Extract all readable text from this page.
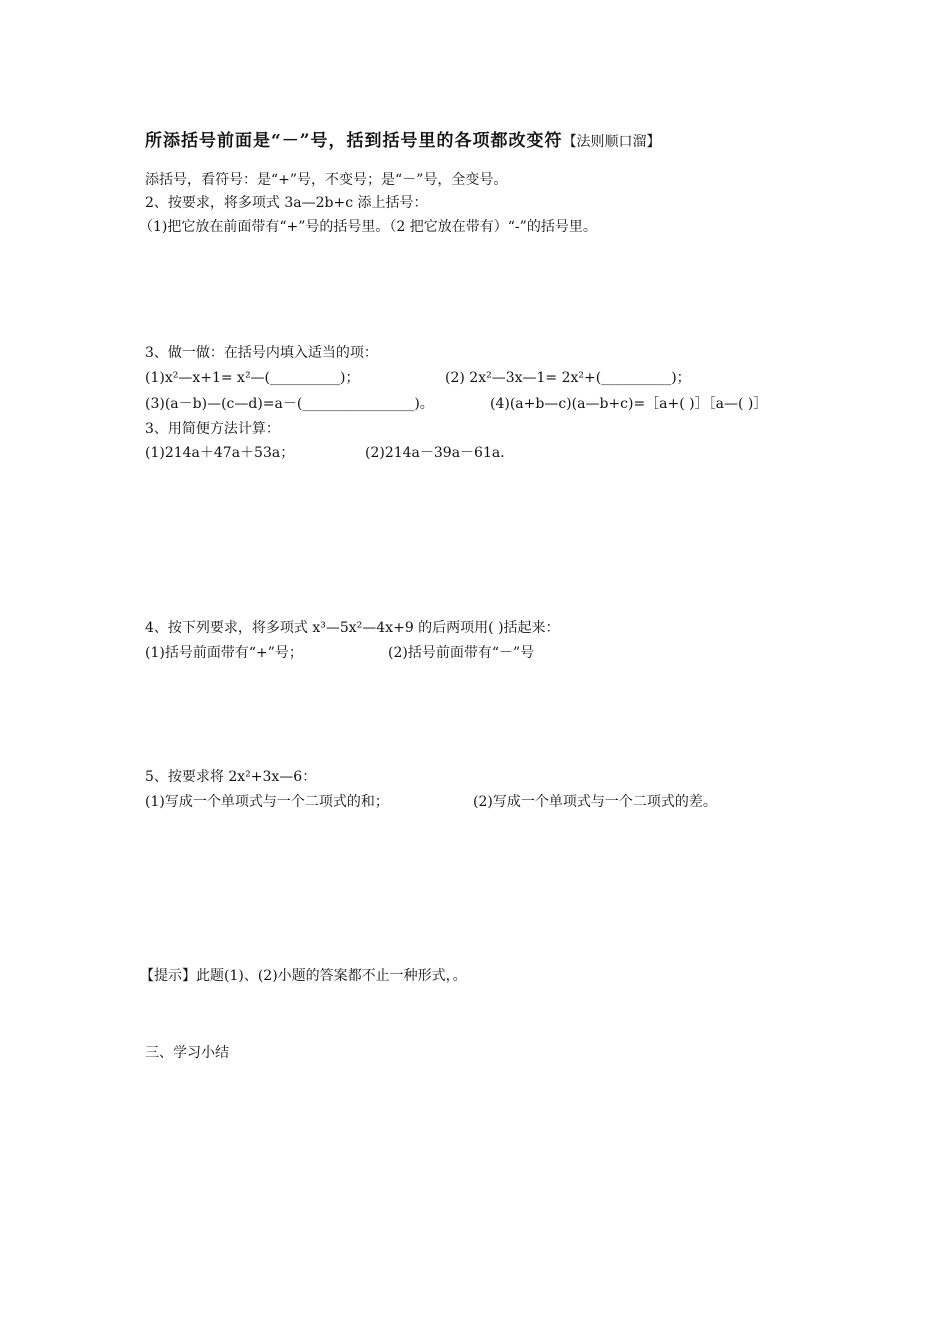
所添括号前面是“－”号，括到括号里的各项都改变符【法则顺口溜】
添括号，看符号：是“+”号，不变号；是“－”号，全变号。
2、按要求，将多项式 3a—2b+c 添上括号：
（1)把它放在前面带有“+”号的括号里。（2 把它放在带有）“-”的括号里。
3、做一做：在括号内填入适当的项：
(1)x²—x+1= x²—(__________)；	(2) 2x²—3x—1= 2x²+(__________)；
(3)(a－b)—(c—d)=a－(________________)。	(4)(a+b—c)(a—b+c)=［a+( )］［a—( )］
3、用简便方法计算：
(1)214a＋47a＋53a；	(2)214a－39a－61a．
4、按下列要求，将多项式 x³—5x²—4x+9 的后两项用( )括起来：
(1)括号前面带有“+”号；	(2)括号前面带有“－”号
5、按要求将 2x²+3x—6：
(1)写成一个单项式与一个二项式的和；	(2)写成一个单项式与一个二项式的差。
【提示】此题(1)、(2)小题的答案都不止一种形式，。
三、学习小结
